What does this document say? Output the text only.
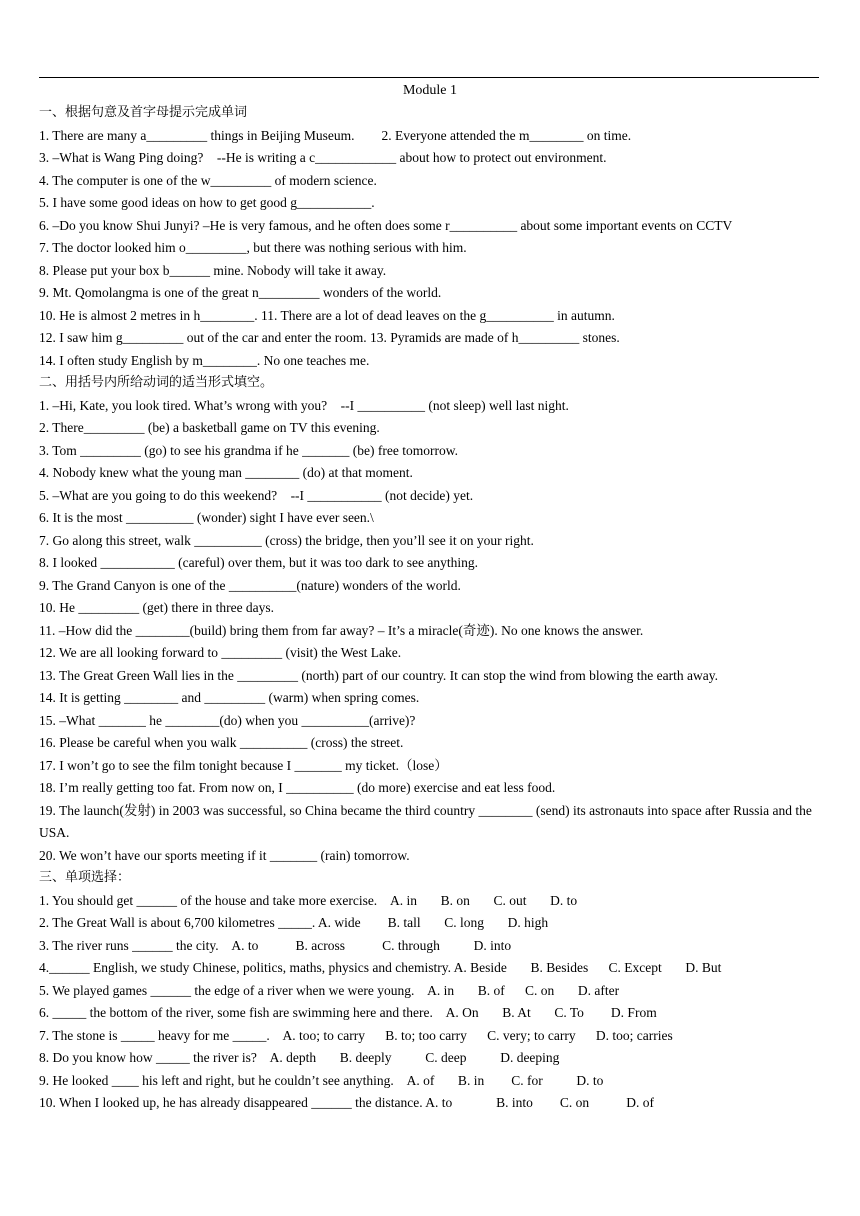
Module 1
一、根据句意及首字母提示完成单词
1. There are many a_________ things in Beijing Museum.        2. Everyone attended the m________ on time.
3. –What is Wang Ping doing?    --He is writing a c____________ about how to protect out environment.
4. The computer is one of the w_________ of modern science.
5. I have some good ideas on how to get good g___________.
6. –Do you know Shui Junyi? –He is very famous, and he often does some r__________ about some important events on CCTV
7. The doctor looked him o_________, but there was nothing serious with him.
8. Please put your box b______ mine. Nobody will take it away.
9. Mt. Qomolangma is one of the great n_________ wonders of the world.
10. He is almost 2 metres in h________. 11. There are a lot of dead leaves on the g__________ in autumn.
12. I saw him g_________ out of the car and enter the room. 13. Pyramids are made of h_________ stones.
14. I often study English by m________. No one teaches me.
二、用括号内所给动词的适当形式填空。
1. –Hi, Kate, you look tired. What’s wrong with you?    --I __________ (not sleep) well last night.
2. There_________ (be) a basketball game on TV this evening.
3. Tom _________ (go) to see his grandma if he _______ (be) free tomorrow.
4. Nobody knew what the young man ________ (do) at that moment.
5. –What are you going to do this weekend?    --I ___________ (not decide) yet.
6. It is the most __________ (wonder) sight I have ever seen.\
7. Go along this street, walk __________ (cross) the bridge, then you’ll see it on your right.
8. I looked ___________ (careful) over them, but it was too dark to see anything.
9. The Grand Canyon is one of the __________(nature) wonders of the world.
10. He _________ (get) there in three days.
11. –How did the ________(build) bring them from far away? – It’s a miracle(奇迹). No one knows the answer.
12. We are all looking forward to _________ (visit) the West Lake.
13. The Great Green Wall lies in the _________ (north) part of our country. It can stop the wind from blowing the earth away.
14. It is getting ________ and _________ (warm) when spring comes.
15. –What _______ he ________(do) when you __________(arrive)?
16. Please be careful when you walk __________ (cross) the street.
17. I won’t go to see the film tonight because I _______ my ticket.（lose）
18. I’m really getting too fat. From now on, I __________ (do more) exercise and eat less food.
19. The launch(发射) in 2003 was successful, so China became the third country ________ (send) its astronauts into space after Russia and the USA.
20. We won’t have our sports meeting if it _______ (rain) tomorrow.
三、单项选择：
1. You should get ______ of the house and take more exercise.    A. in       B. on       C. out       D. to
2. The Great Wall is about 6,700 kilometres _____. A. wide        B. tall       C. long       D. high
3. The river runs ______ the city.    A. to           B. across           C. through          D. into
4.______ English, we study Chinese, politics, maths, physics and chemistry. A. Beside       B. Besides      C. Except       D. But
5. We played games ______ the edge of a river when we were young.    A. in       B. of      C. on       D. after
6. _____ the bottom of the river, some fish are swimming here and there.    A. On       B. At       C. To        D. From
7. The stone is _____ heavy for me _____.    A. too; to carry      B. to; too carry      C. very; to carry      D. too; carries
8. Do you know how _____ the river is?    A. depth       B. deeply          C. deep          D. deeping
9. He looked ____ his left and right, but he couldn’t see anything.    A. of       B. in        C. for          D. to
10. When I looked up, he has already disappeared ______ the distance. A. to             B. into        C. on           D. of
